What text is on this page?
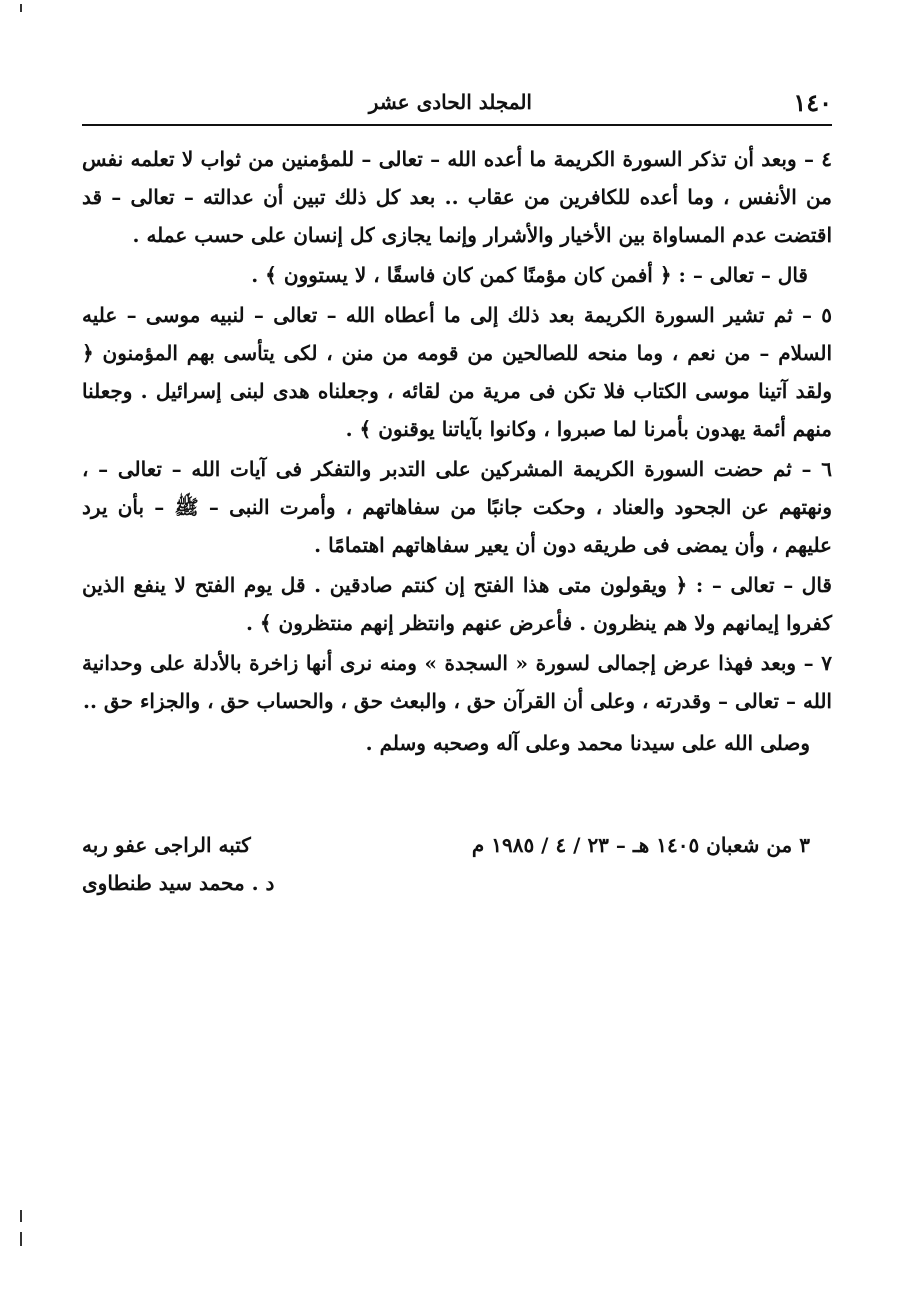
١٤٠
المجلد الحادى عشر

٤ – وبعد أن تذكر السورة الكريمة ما أعده الله – تعالى – للمؤمنين من ثواب لا تعلمه نفس من الأنفس ، وما أعده للكافرين من عقاب .. بعد كل ذلك تبين أن عدالته – تعالى – قد اقتضت عدم المساواة بين الأخيار والأشرار وإنما يجازى كل إنسان على حسب عمله .

قال – تعالى – : ﴿ أفمن كان مؤمنًا كمن كان فاسقًا ، لا يستوون ﴾ .

٥ – ثم تشير السورة الكريمة بعد ذلك إلى ما أعطاه الله – تعالى – لنبيه موسى – عليه السلام – من نعم ، وما منحه للصالحين من قومه من منن ، لكى يتأسى بهم المؤمنون ﴿ ولقد آتينا موسى الكتاب فلا تكن فى مرية من لقائه ، وجعلناه هدى لبنى إسرائيل . وجعلنا منهم أئمة يهدون بأمرنا لما صبروا ، وكانوا بآياتنا يوقنون ﴾ .

٦ – ثم حضت السورة الكريمة المشركين على التدبر والتفكر فى آيات الله – تعالى – ، ونهتهم عن الجحود والعناد ، وحكت جانبًا من سفاهاتهم ، وأمرت النبى – ﷺ – بأن يرد عليهم ، وأن يمضى فى طريقه دون أن يعير سفاهاتهم اهتمامًا .

قال – تعالى – : ﴿ ويقولون متى هذا الفتح إن كنتم صادقين . قل يوم الفتح لا ينفع الذين كفروا إيمانهم ولا هم ينظرون . فأعرض عنهم وانتظر إنهم منتظرون ﴾ .

٧ – وبعد فهذا عرض إجمالى لسورة « السجدة » ومنه نرى أنها زاخرة بالأدلة على وحدانية الله – تعالى – وقدرته ، وعلى أن القرآن حق ، والبعث حق ، والحساب حق ، والجزاء حق ..

وصلى الله على سيدنا محمد وعلى آله وصحبه وسلم .

٣ من شعبان ١٤٠٥ هـ – ٢٣ / ٤ / ١٩٨٥ م
كتبه الراجى عفو ربه
د . محمد سيد طنطاوى
